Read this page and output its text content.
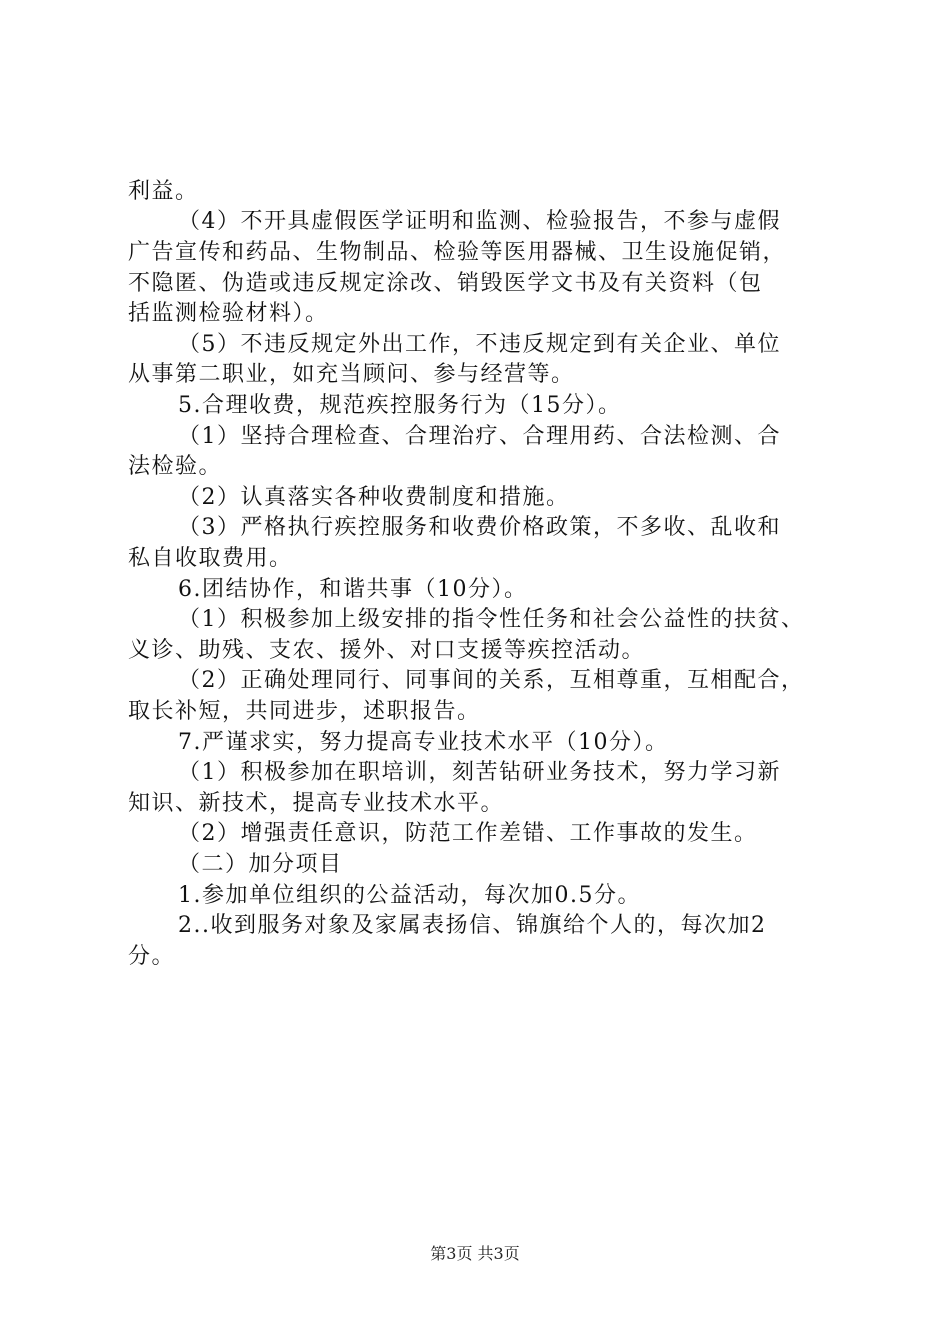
利益。
（4）不开具虚假医学证明和监测、检验报告，不参与虚假
广告宣传和药品、生物制品、检验等医用器械、卫生设施促销，
不隐匿、伪造或违反规定涂改、销毁医学文书及有关资料（包
括监测检验材料）。
（5）不违反规定外出工作，不违反规定到有关企业、单位
从事第二职业，如充当顾问、参与经营等。
5.合理收费，规范疾控服务行为（15分）。
（1）坚持合理检查、合理治疗、合理用药、合法检测、合
法检验。
（2）认真落实各种收费制度和措施。
（3）严格执行疾控服务和收费价格政策，不多收、乱收和
私自收取费用。
6.团结协作，和谐共事（10分）。
（1）积极参加上级安排的指令性任务和社会公益性的扶贫、
义诊、助残、支农、援外、对口支援等疾控活动。
（2）正确处理同行、同事间的关系，互相尊重，互相配合，
取长补短，共同进步，述职报告。
7.严谨求实，努力提高专业技术水平（10分）。
（1）积极参加在职培训，刻苦钻研业务技术，努力学习新
知识、新技术，提高专业技术水平。
（2）增强责任意识，防范工作差错、工作事故的发生。
（二）加分项目
1.参加单位组织的公益活动，每次加0.5分。
2..收到服务对象及家属表扬信、锦旗给个人的，每次加2
分。
第3页 共3页
